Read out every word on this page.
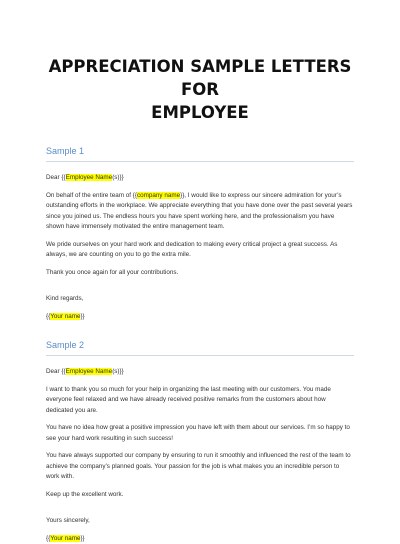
APPRECIATION SAMPLE LETTERS FOR
EMPLOYEE
Sample 1

Dear {{Employee Name(s)}}

On behalf of the entire team of {{company name}}, I would like to express our sincere admiration for your’s outstanding efforts in the workplace. We appreciate everything that you have done over the past several years since you joined us. The endless hours you have spent working here, and the professionalism you have shown have immensely motivated the entire management team.

We pride ourselves on your hard work and dedication to making every critical project a great success. As always, we are counting on you to go the extra mile.

Thank you once again for all your contributions.

Kind regards,

{{Your name}}

Sample 2

Dear {{Employee Name(s)}}

I want to thank you so much for your help in organizing the last meeting with our customers. You made everyone feel relaxed and we have already received positive remarks from the customers about how dedicated you are.

You have no idea how great a positive impression you have left with them about our services. I’m so happy to see your hard work resulting in such success!

You have always supported our company by ensuring to run it smoothly and influenced the rest of the team to achieve the company’s planned goals. Your passion for the job is what makes you an incredible person to work with.

Keep up the excellent work.

Yours sincerely,

{{Your name}}
